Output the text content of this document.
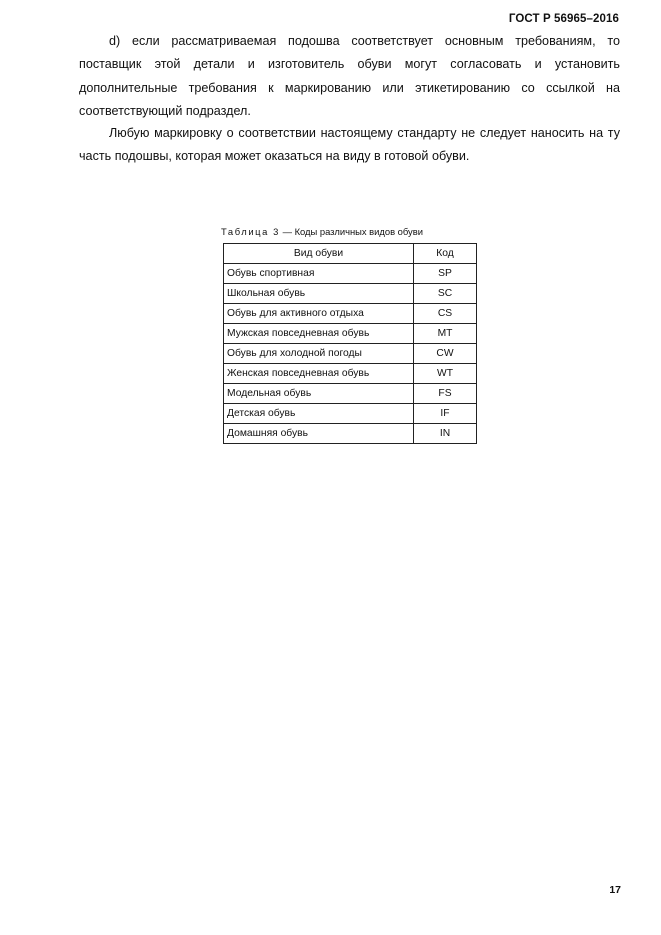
ГОСТ Р 56965–2016

d) если рассматриваемая подошва соответствует основным требованиям, то поставщик этой детали и изготовитель обуви могут согласовать и установить дополнительные требования к маркированию или этикетированию со ссылкой на соответствующий подраздел.

Любую маркировку о соответствии настоящему стандарту не следует наносить на ту часть подошвы, которая может оказаться на виду в готовой обуви.

Таблица 3 — Коды различных видов обуви
Вид обуви	Код
Обувь спортивная	SP
Школьная обувь	SC
Обувь для активного отдыха	CS
Мужская повседневная обувь	MT
Обувь для холодной погоды	CW
Женская повседневная обувь	WT
Модельная обувь	FS
Детская обувь	IF
Домашняя обувь	IN
17
